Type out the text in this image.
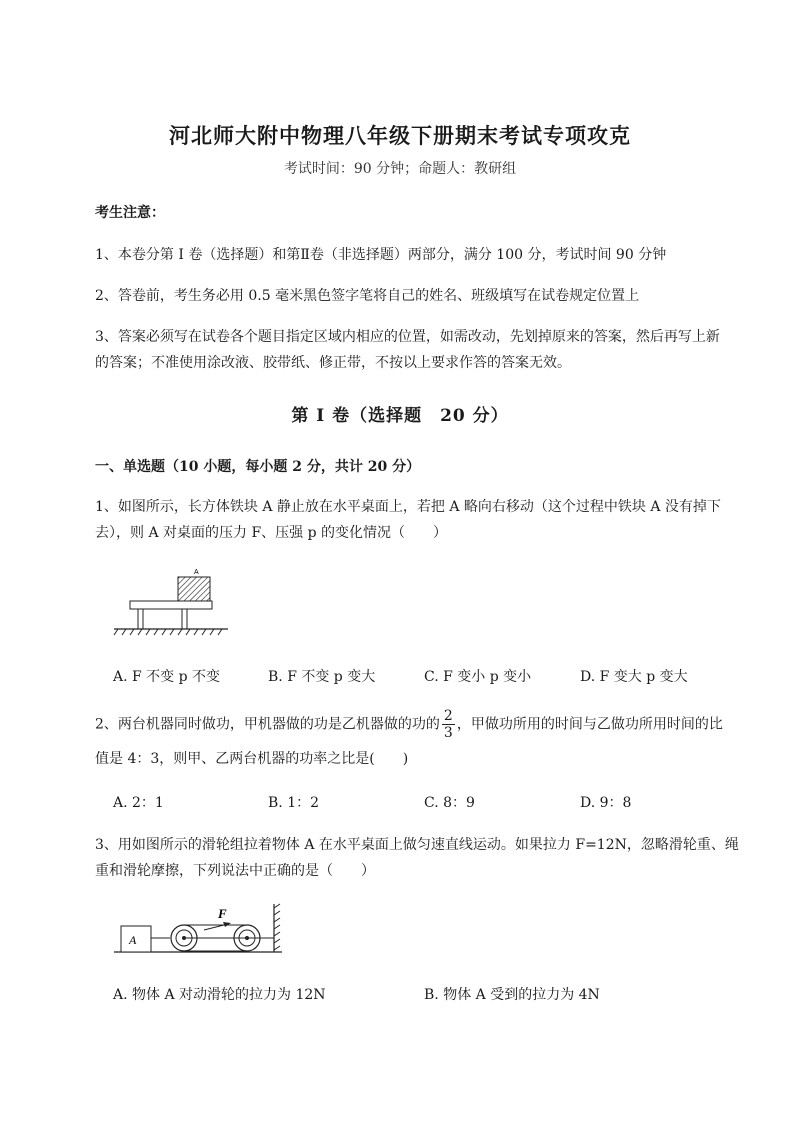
河北师大附中物理八年级下册期末考试专项攻克
考试时间：90 分钟；命题人：教研组
考生注意：
1、本卷分第 I 卷（选择题）和第Ⅱ卷（非选择题）两部分，满分 100 分，考试时间 90 分钟
2、答卷前，考生务必用 0.5 毫米黑色签字笔将自己的姓名、班级填写在试卷规定位置上
3、答案必须写在试卷各个题目指定区域内相应的位置，如需改动，先划掉原来的答案，然后再写上新
的答案；不准使用涂改液、胶带纸、修正带，不按以上要求作答的答案无效。
第 I 卷（选择题　20 分）
一、单选题（10 小题，每小题 2 分，共计 20 分）
1、如图所示，长方体铁块 A 静止放在水平桌面上，若把 A 略向右移动（这个过程中铁块 A 没有掉下
去），则 A 对桌面的压力 F、压强 p 的变化情况（　　）
A
A. F 不变 p 不变	B. F 不变 p 变大	C. F 变小 p 变小	D. F 变大 p 变大
2、两台机器同时做功，甲机器做的功是乙机器做的功的 $\frac{2}{3}$ ，甲做功所用的时间与乙做功所用时间的比
值是 4：3，则甲、乙两台机器的功率之比是(　　)
A. 2：1	B. 1：2	C. 8：9	D. 9：8
3、用如图所示的滑轮组拉着物体 A 在水平桌面上做匀速直线运动。如果拉力 F=12N，忽略滑轮重、绳
重和滑轮摩擦，下列说法中正确的是（　　）
A
F
A. 物体 A 对动滑轮的拉力为 12N	B. 物体 A 受到的拉力为 4N
